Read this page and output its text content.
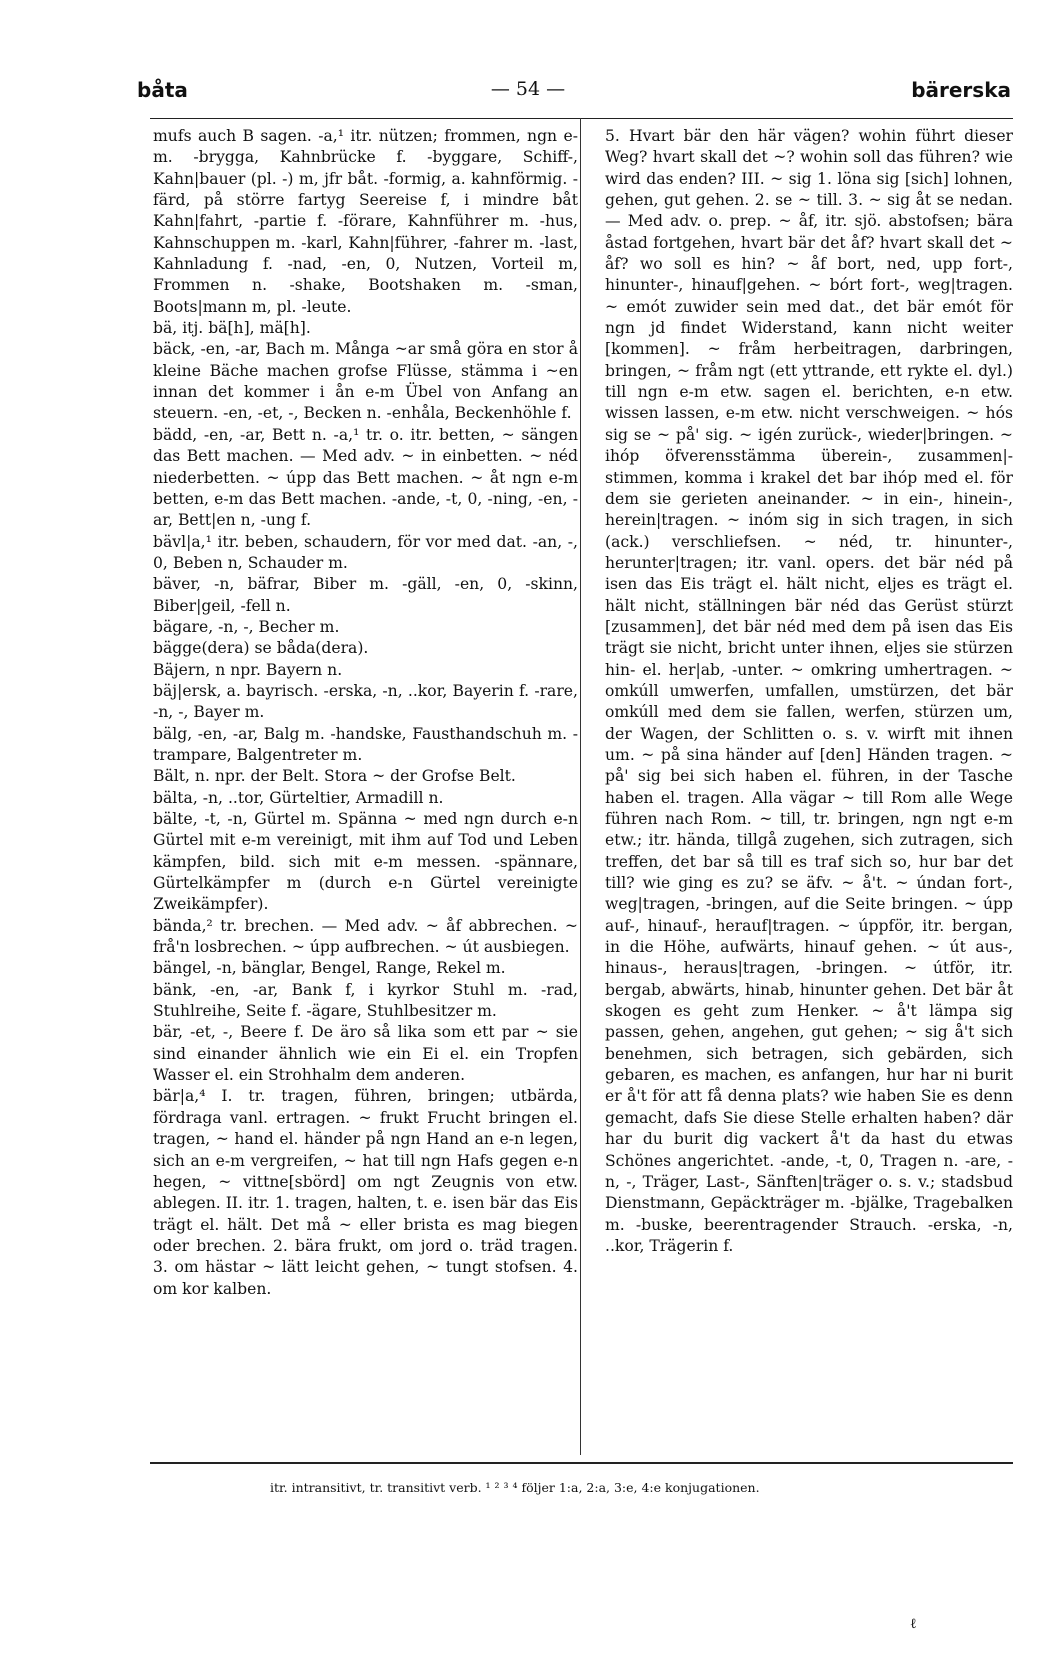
båta	— 54 —	bärerska

mufs auch B sagen. -a,¹ itr. nützen; frommen, ngn e-m. -brygga, Kahnbrücke f. -byggare, Schiff-, Kahn|bauer (pl. -) m, jfr båt. -formig, a. kahnförmig. -färd, på större fartyg Seereise f, i mindre båt Kahn|fahrt, -partie f. -förare, Kahnführer m. -hus, Kahnschuppen m. -karl, Kahn|führer, -fahrer m. -last, Kahnladung f. -nad, -en, 0, Nutzen, Vorteil m, Frommen n. -shake, Bootshaken m. -sman, Boots|mann m, pl. -leute.

bä, itj. bä[h], mä[h].

bäck, -en, -ar, Bach m. Många ~ar små göra en stor å kleine Bäche machen grofse Flüsse, stämma i ~en innan det kommer i ån e-m Übel von Anfang an steuern. -en, -et, -, Becken n. -enhåla, Beckenhöhle f.

bädd, -en, -ar, Bett n. -a,¹ tr. o. itr. betten, ~ sängen das Bett machen. — Med adv. ~ in einbetten. ~ néd niederbetten. ~ úpp das Bett machen. ~ åt ngn e-m betten, e-m das Bett machen. -ande, -t, 0, -ning, -en, -ar, Bett|en n, -ung f.

bävl|a,¹ itr. beben, schaudern, för vor med dat. -an, -, 0, Beben n, Schauder m.

bäver, -n, bäfrar, Biber m. -gäll, -en, 0, -skinn, Biber|geil, -fell n.

bägare, -n, -, Becher m.

bägge(dera) se båda(dera).

Bäjern, n npr. Bayern n.

bäj|ersk, a. bayrisch. -erska, -n, ..kor, Bayerin f. -rare, -n, -, Bayer m.

bälg, -en, -ar, Balg m. -handske, Fausthandschuh m. -trampare, Balgentreter m.

Bält, n. npr. der Belt. Stora ~ der Grofse Belt.

bälta, -n, ..tor, Gürteltier, Armadill n.

bälte, -t, -n, Gürtel m. Spänna ~ med ngn durch e-n Gürtel mit e-m vereinigt, mit ihm auf Tod und Leben kämpfen, bild. sich mit e-m messen. -spännare, Gürtelkämpfer m (durch e-n Gürtel vereinigte Zweikämpfer).

bända,² tr. brechen. — Med adv. ~ åf abbrechen. ~ frå'n losbrechen. ~ úpp aufbrechen. ~ út ausbiegen.

bängel, -n, bänglar, Bengel, Range, Rekel m.

bänk, -en, -ar, Bank f, i kyrkor Stuhl m. -rad, Stuhlreihe, Seite f. -ägare, Stuhlbesitzer m.

bär, -et, -, Beere f. De äro så lika som ett par ~ sie sind einander ähnlich wie ein Ei el. ein Tropfen Wasser el. ein Strohhalm dem anderen.

bär|a,⁴ I. tr. tragen, führen, bringen; utbärda, fördraga vanl. ertragen. ~ frukt Frucht bringen el. tragen, ~ hand el. händer på ngn Hand an e-n legen, sich an e-m vergreifen, ~ hat till ngn Hafs gegen e-n hegen, ~ vittne[sbörd] om ngt Zeugnis von etw. ablegen. II. itr. 1. tragen, halten, t. e. isen bär das Eis trägt el. hält. Det må ~ eller brista es mag biegen oder brechen. 2. bära frukt, om jord o. träd tragen. 3. om hästar ~ lätt leicht gehen, ~ tungt stofsen. 4. om kor kalben.

5. Hvart bär den här vägen? wohin führt dieser Weg? hvart skall det ~? wohin soll das führen? wie wird das enden? III. ~ sig 1. löna sig [sich] lohnen, gehen, gut gehen. 2. se ~ till. 3. ~ sig åt se nedan. — Med adv. o. prep. ~ åf, itr. sjö. abstofsen; bära åstad fortgehen, hvart bär det åf? hvart skall det ~ åf? wo soll es hin? ~ åf bort, ned, upp fort-, hinunter-, hinauf|gehen. ~ bórt fort-, weg|tragen. ~ emót zuwider sein med dat., det bär emót för ngn jd findet Widerstand, kann nicht weiter [kommen]. ~ fråm herbeitragen, darbringen, bringen, ~ fråm ngt (ett yttrande, ett rykte el. dyl.) till ngn e-m etw. sagen el. berichten, e-n etw. wissen lassen, e-m etw. nicht verschweigen. ~ hós sig se ~ på' sig. ~ igén zurück-, wieder|bringen. ~ ihóp öfverensstämma überein-, zusammen|-stimmen, komma i krakel det bar ihóp med el. för dem sie gerieten aneinander. ~ in ein-, hinein-, herein|tragen. ~ inóm sig in sich tragen, in sich (ack.) verschliefsen. ~ néd, tr. hinunter-, herunter|tragen; itr. vanl. opers. det bär néd på isen das Eis trägt el. hält nicht, eljes es trägt el. hält nicht, ställningen bär néd das Gerüst stürzt [zusammen], det bär néd med dem på isen das Eis trägt sie nicht, bricht unter ihnen, eljes sie stürzen hin- el. her|ab, -unter. ~ omkring umhertragen. ~ omkúll umwerfen, umfallen, umstürzen, det bär omkúll med dem sie fallen, werfen, stürzen um, der Wagen, der Schlitten o. s. v. wirft mit ihnen um. ~ på sina händer auf [den] Händen tragen. ~ på' sig bei sich haben el. führen, in der Tasche haben el. tragen. Alla vägar ~ till Rom alle Wege führen nach Rom. ~ till, tr. bringen, ngn ngt e-m etw.; itr. hända, tillgå zugehen, sich zutragen, sich treffen, det bar så till es traf sich so, hur bar det till? wie ging es zu? se äfv. ~ å't. ~ úndan fort-, weg|tragen, -bringen, auf die Seite bringen. ~ úpp auf-, hinauf-, herauf|tragen. ~ úppför, itr. bergan, in die Höhe, aufwärts, hinauf gehen. ~ út aus-, hinaus-, heraus|tragen, -bringen. ~ útför, itr. bergab, abwärts, hinab, hinunter gehen. Det bär åt skogen es geht zum Henker. ~ å't lämpa sig passen, gehen, angehen, gut gehen; ~ sig å't sich benehmen, sich betragen, sich gebärden, sich gebaren, es machen, es anfangen, hur har ni burit er å't för att få denna plats? wie haben Sie es denn gemacht, dafs Sie diese Stelle erhalten haben? där har du burit dig vackert å't da hast du etwas Schönes angerichtet. -ande, -t, 0, Tragen n. -are, -n, -, Träger, Last-, Sänften|träger o. s. v.; stadsbud Dienstmann, Gepäckträger m. -bjälke, Tragebalken m. -buske, beerentragender Strauch. -erska, -n, ..kor, Trägerin f.

itr. intransitivt, tr. transitivt verb. ¹ ² ³ ⁴ följer 1:a, 2:a, 3:e, 4:e konjugationen.
ℓ
